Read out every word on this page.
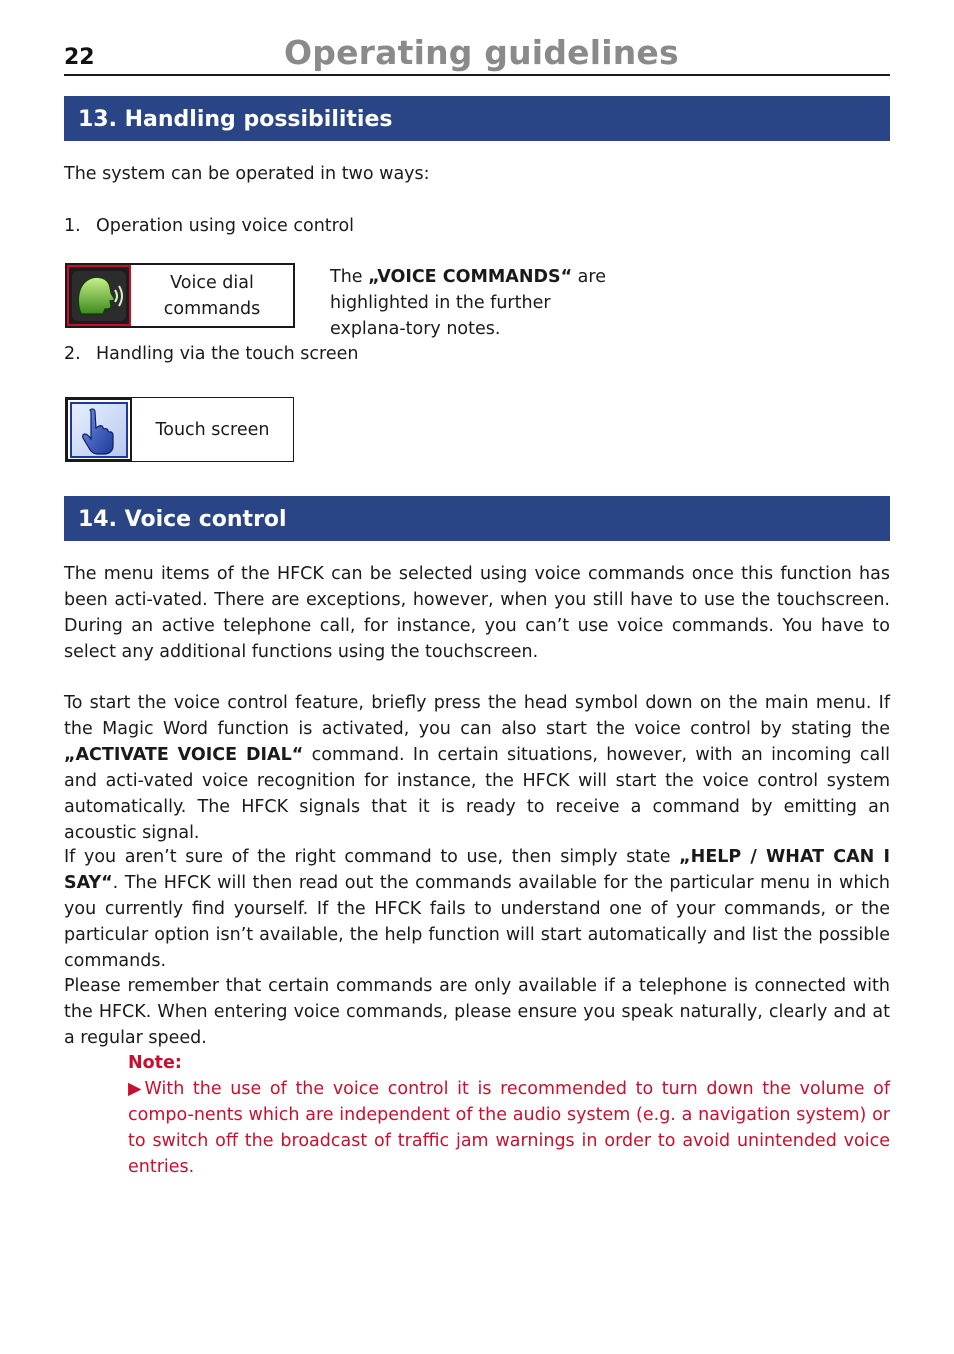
22	Operating guidelines
13. Handling possibilities
The system can be operated in two ways:
1. Operation using voice control
Voice dial
commands
The „VOICE COMMANDS“ are highlighted in the further explana-tory notes.
2. Handling via the touch screen
Touch screen
14. Voice control
The menu items of the HFCK can be selected using voice commands once this function has been acti-vated. There are exceptions, however, when you still have to use the touchscreen. During an active telephone call, for instance, you can’t use voice commands. You have to select any additional functions using the touchscreen.
To start the voice control feature, briefly press the head symbol down on the main menu. If the Magic Word function is activated, you can also start the voice control by stating the „ACTIVATE VOICE DIAL“ command. In certain situations, however, with an incoming call and acti-vated voice recognition for instance, the HFCK will start the voice control system automatically. The HFCK signals that it is ready to receive a command by emitting an acoustic signal.
If you aren’t sure of the right command to use, then simply state „HELP / WHAT CAN I SAY“. The HFCK will then read out the commands available for the particular menu in which you currently find yourself. If the HFCK fails to understand one of your commands, or the particular option isn’t available, the help function will start automatically and list the possible commands.
Please remember that certain commands are only available if a telephone is connected with the HFCK. When entering voice commands, please ensure you speak naturally, clearly and at a regular speed.
Note:
▶With the use of the voice control it is recommended to turn down the volume of compo-nents which are independent of the audio system (e.g. a navigation system) or to switch off the broadcast of traffic jam warnings in order to avoid unintended voice entries.
